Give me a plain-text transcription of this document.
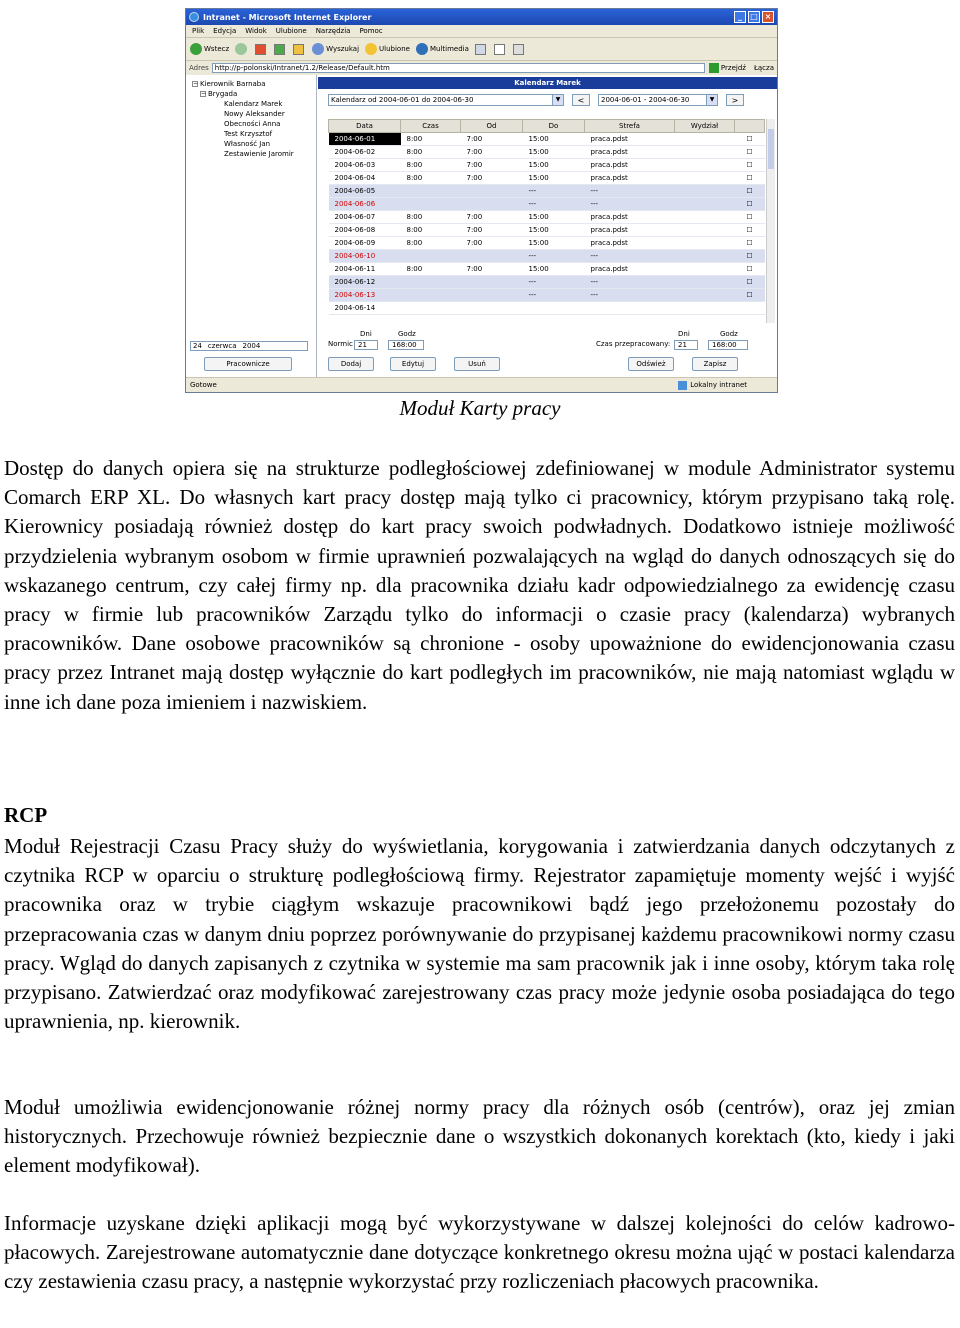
Intranet - Microsoft Internet Explorer	_	□ ×
Plik Edycja Widok Ulubione Narzędzia Pomoc
Wstecz	Wyszukaj	Ulubione	Multimedia
Adres http://p-polonski/Intranet/1.2/Release/Default.htm	Przejdź Łącza
− Kierownik Barnaba
− Brygada
Kalendarz Marek
Nowy Aleksander
Obecności Anna
Test Krzysztof
Własność Jan
Zestawienie Jaromir
24 czerwca 2004
Pracownicze
Kalendarz Marek
Kalendarz od 2004-06-01 do 2004-06-30	▼	<	2004-06-01 - 2004-06-30	▼	>
Data	Czas	Od	Do	Strefa	Wydział	
2004-06-01	8:00	7:00	15:00	praca.pdst		☐
2004-06-02	8:00	7:00	15:00	praca.pdst		☐
2004-06-03	8:00	7:00	15:00	praca.pdst		☐
2004-06-04	8:00	7:00	15:00	praca.pdst		☐
2004-06-05			---	---		☐
2004-06-06			---	---		☐
2004-06-07	8:00	7:00	15:00	praca.pdst		☐
2004-06-08	8:00	7:00	15:00	praca.pdst		☐
2004-06-09	8:00	7:00	15:00	praca.pdst		☐
2004-06-10			---	---		☐
2004-06-11	8:00	7:00	15:00	praca.pdst		☐
2004-06-12			---	---		☐
2004-06-13			---	---		☐
2004-06-14						
Dni	Godz
Normic 21	168:00
Dni	Godz
Czas przepracowany:	21	168:00
Dodaj	Edytuj	Usuń	Odśwież	Zapisz
Gotowe	Lokalny intranet
Moduł Karty pracy

Dostęp do danych opiera się na strukturze podległościowej zdefiniowanej w module Administrator systemu Comarch ERP XL. Do własnych kart pracy dostęp mają tylko ci pracownicy, którym przypisano taką rolę. Kierownicy posiadają również dostęp do kart pracy swoich podwładnych. Dodatkowo istnieje możliwość przydzielenia wybranym osobom w firmie uprawnień pozwalających na wgląd do danych odnoszących się do wskazanego centrum, czy całej firmy np. dla pracownika działu kadr odpowiedzialnego za ewidencję czasu pracy w firmie lub pracowników Zarządu tylko do informacji o czasie pracy (kalendarza) wybranych pracowników. Dane osobowe pracowników są chronione - osoby upoważnione do ewidencjonowania czasu pracy przez Intranet mają dostęp wyłącznie do kart podległych im pracowników, nie mają natomiast wglądu w inne ich dane poza imieniem i nazwiskiem.

RCP

Moduł Rejestracji Czasu Pracy służy do wyświetlania, korygowania i zatwierdzania danych odczytanych z czytnika RCP w oparciu o strukturę podległościową firmy. Rejestrator zapamiętuje momenty wejść i wyjść pracownika oraz w trybie ciągłym wskazuje pracownikowi bądź jego przełożonemu pozostały do przepracowania czas w danym dniu poprzez porównywanie do przypisanej każdemu pracownikowi normy czasu pracy. Wgląd do danych zapisanych z czytnika w systemie ma sam pracownik jak i inne osoby, którym taka rolę przypisano. Zatwierdzać oraz modyfikować zarejestrowany czas pracy może jedynie osoba posiadająca do tego uprawnienia, np. kierownik.

Moduł umożliwia ewidencjonowanie różnej normy pracy dla różnych osób (centrów), oraz jej zmian historycznych. Przechowuje również bezpiecznie dane o wszystkich dokonanych korektach (kto, kiedy i jaki element modyfikował).

Informacje uzyskane dzięki aplikacji mogą być wykorzystywane w dalszej kolejności do celów kadrowo-płacowych. Zarejestrowane automatycznie dane dotyczące konkretnego okresu można ująć w postaci kalendarza czy zestawienia czasu pracy, a następnie wykorzystać przy rozliczeniach płacowych pracownika.
